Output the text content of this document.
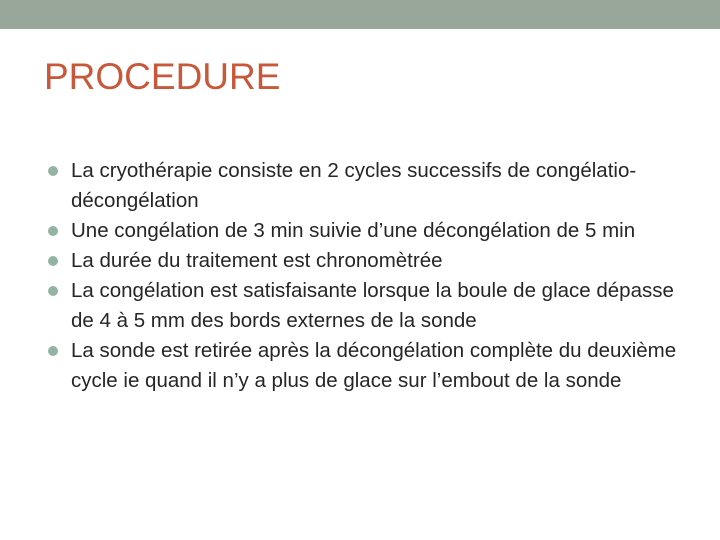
PROCEDURE
La cryothérapie consiste en 2 cycles successifs de congélatio-décongélation
Une congélation de 3 min suivie d’une décongélation de 5 min
La durée du traitement est chronomètrée
La congélation est satisfaisante lorsque la boule de glace dépasse de 4 à 5 mm des bords externes de la sonde
La sonde est retirée après la décongélation complète du deuxième cycle ie quand il n’y a plus de glace sur l’embout de la sonde
